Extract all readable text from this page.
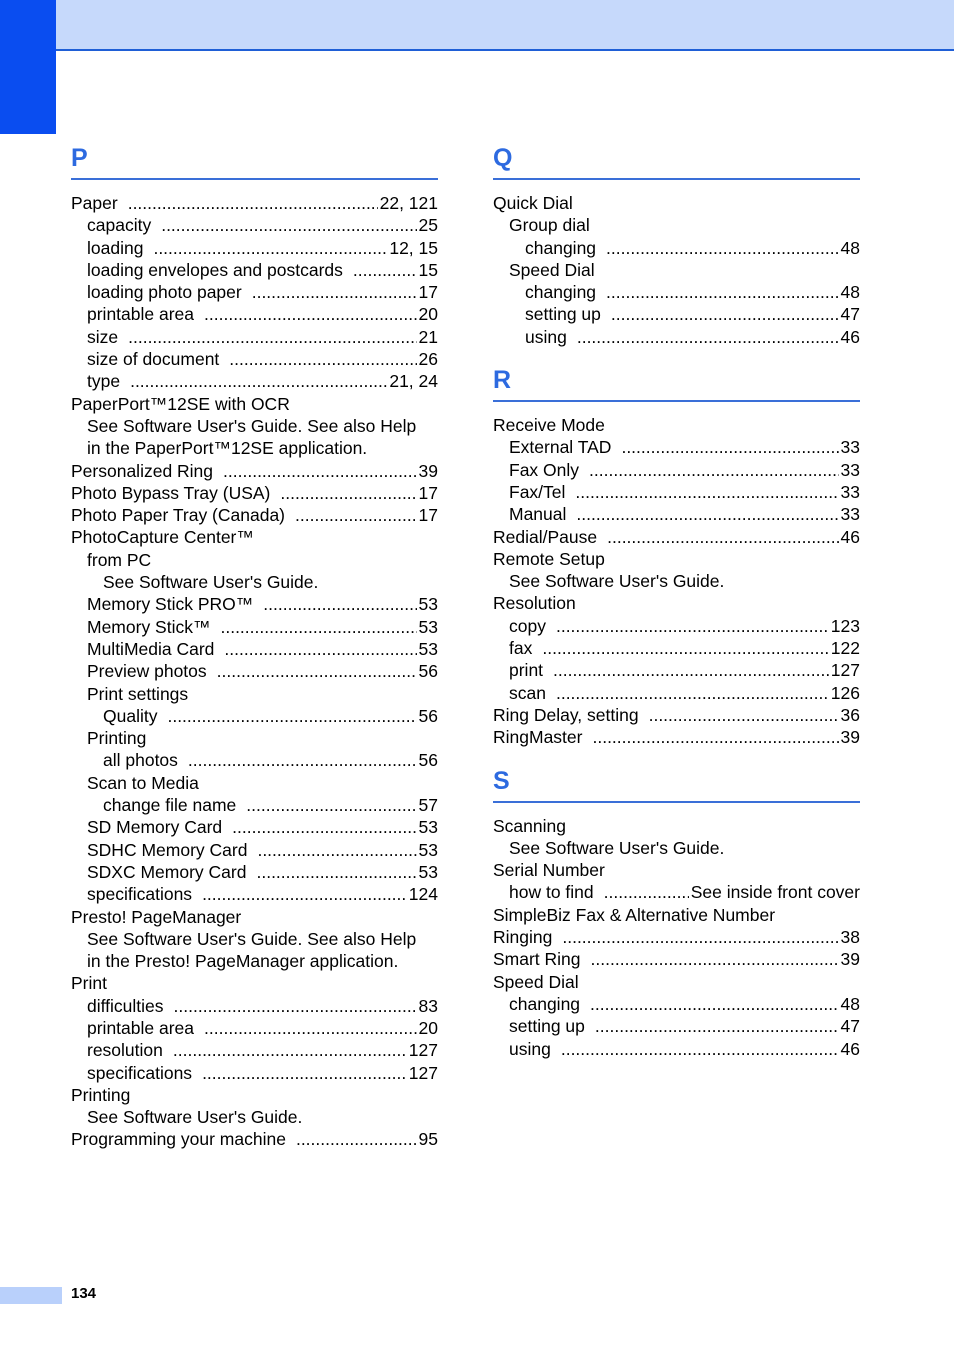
P
Paper .....	22, 121
capacity .....	25
loading .....	12, 15
loading envelopes and postcards .....	15
loading photo paper .....	17
printable area .....	20
size .....	21
size of document .....	26
type .....	21, 24
PaperPort™12SE with OCR
See Software User's Guide. See also Help
in the PaperPort™12SE application.
Personalized Ring .....	39
Photo Bypass Tray (USA) .....	17
Photo Paper Tray (Canada) .....	17
PhotoCapture Center™
from PC
See Software User's Guide.
Memory Stick PRO™ .....	53
Memory Stick™ .....	53
MultiMedia Card .....	53
Preview photos .....	56
Print settings
Quality .....	56
Printing
all photos .....	56
Scan to Media
change file name .....	57
SD Memory Card .....	53
SDHC Memory Card .....	53
SDXC Memory Card .....	53
specifications .....	124
Presto! PageManager
See Software User's Guide. See also Help
in the Presto! PageManager application.
Print
difficulties .....	83
printable area .....	20
resolution .....	127
specifications .....	127
Printing
See Software User's Guide.
Programming your machine .....	95
Q
Quick Dial
Group dial
changing .....	48
Speed Dial
changing .....	48
setting up .....	47
using .....	46
R
Receive Mode
External TAD .....	33
Fax Only .....	33
Fax/Tel .....	33
Manual .....	33
Redial/Pause .....	46
Remote Setup
See Software User's Guide.
Resolution
copy .....	123
fax .....	122
print .....	127
scan .....	126
Ring Delay, setting .....	36
RingMaster .....	39
S
Scanning
See Software User's Guide.
Serial Number
how to find .....	See inside front cover
SimpleBiz Fax & Alternative Number
Ringing .....	38
Smart Ring .....	39
Speed Dial
changing .....	48
setting up .....	47
using .....	46
134
